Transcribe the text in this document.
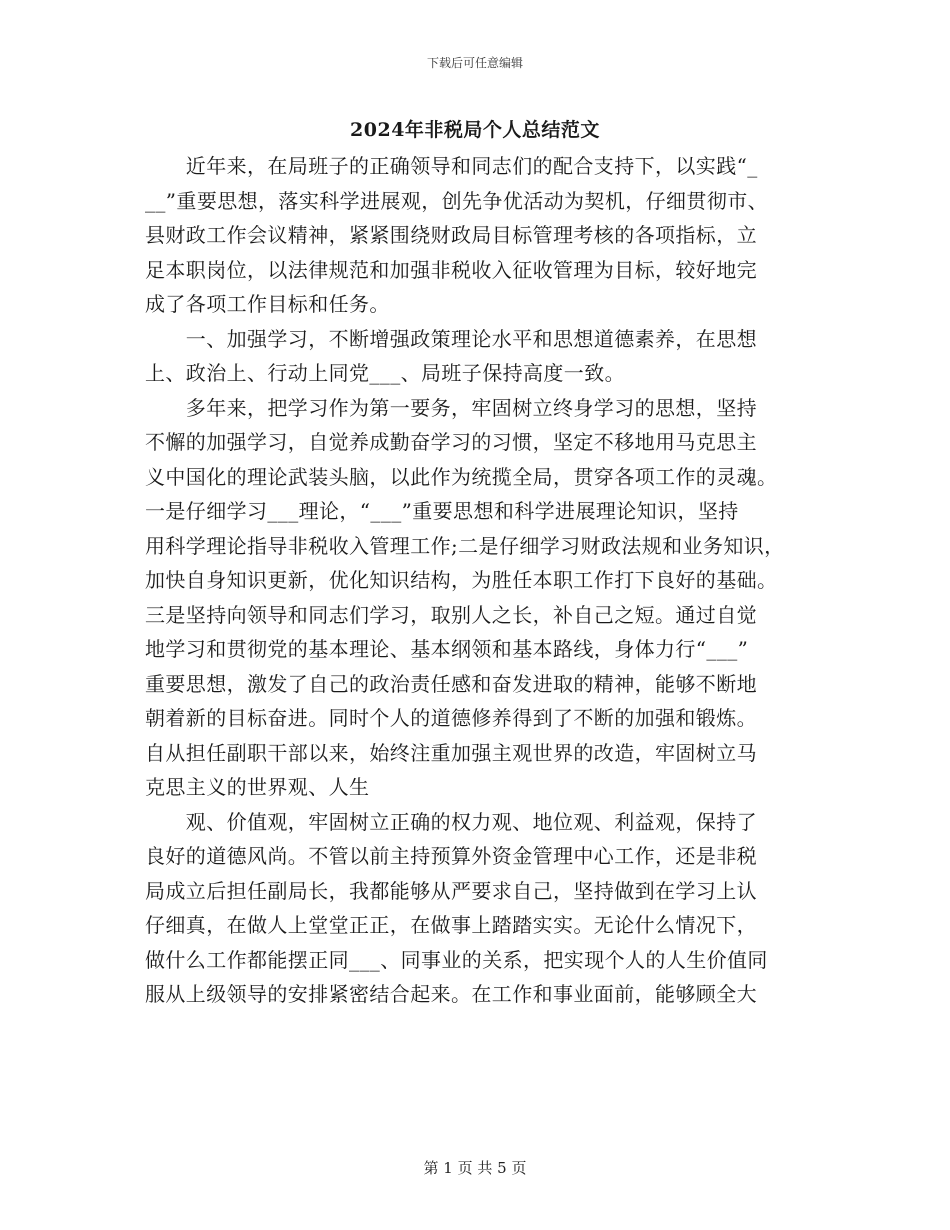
下载后可任意编辑
2024年非税局个人总结范文
　　近年来，在局班子的正确领导和同志们的配合支持下，以实践“_
__”重要思想，落实科学进展观，创先争优活动为契机，仔细贯彻市、
县财政工作会议精神，紧紧围绕财政局目标管理考核的各项指标，立
足本职岗位，以法律规范和加强非税收入征收管理为目标，较好地完
成了各项工作目标和任务。
　　一、加强学习，不断增强政策理论水平和思想道德素养，在思想
上、政治上、行动上同党___、局班子保持高度一致。
　　多年来，把学习作为第一要务，牢固树立终身学习的思想，坚持
不懈的加强学习，自觉养成勤奋学习的习惯，坚定不移地用马克思主
义中国化的理论武装头脑，以此作为统揽全局，贯穿各项工作的灵魂。
一是仔细学习___理论，“___”重要思想和科学进展理论知识，坚持
用科学理论指导非税收入管理工作;二是仔细学习财政法规和业务知识，
加快自身知识更新，优化知识结构，为胜任本职工作打下良好的基础。
三是坚持向领导和同志们学习，取别人之长，补自己之短。通过自觉
地学习和贯彻党的基本理论、基本纲领和基本路线，身体力行“___”
重要思想，激发了自己的政治责任感和奋发进取的精神，能够不断地
朝着新的目标奋进。同时个人的道德修养得到了不断的加强和锻炼。
自从担任副职干部以来，始终注重加强主观世界的改造，牢固树立马
克思主义的世界观、人生
　　观、价值观，牢固树立正确的权力观、地位观、利益观，保持了
良好的道德风尚。不管以前主持预算外资金管理中心工作，还是非税
局成立后担任副局长，我都能够从严要求自己，坚持做到在学习上认
仔细真，在做人上堂堂正正，在做事上踏踏实实。无论什么情况下，
做什么工作都能摆正同___、同事业的关系，把实现个人的人生价值同
服从上级领导的安排紧密结合起来。在工作和事业面前，能够顾全大
第 1 页 共 5 页
